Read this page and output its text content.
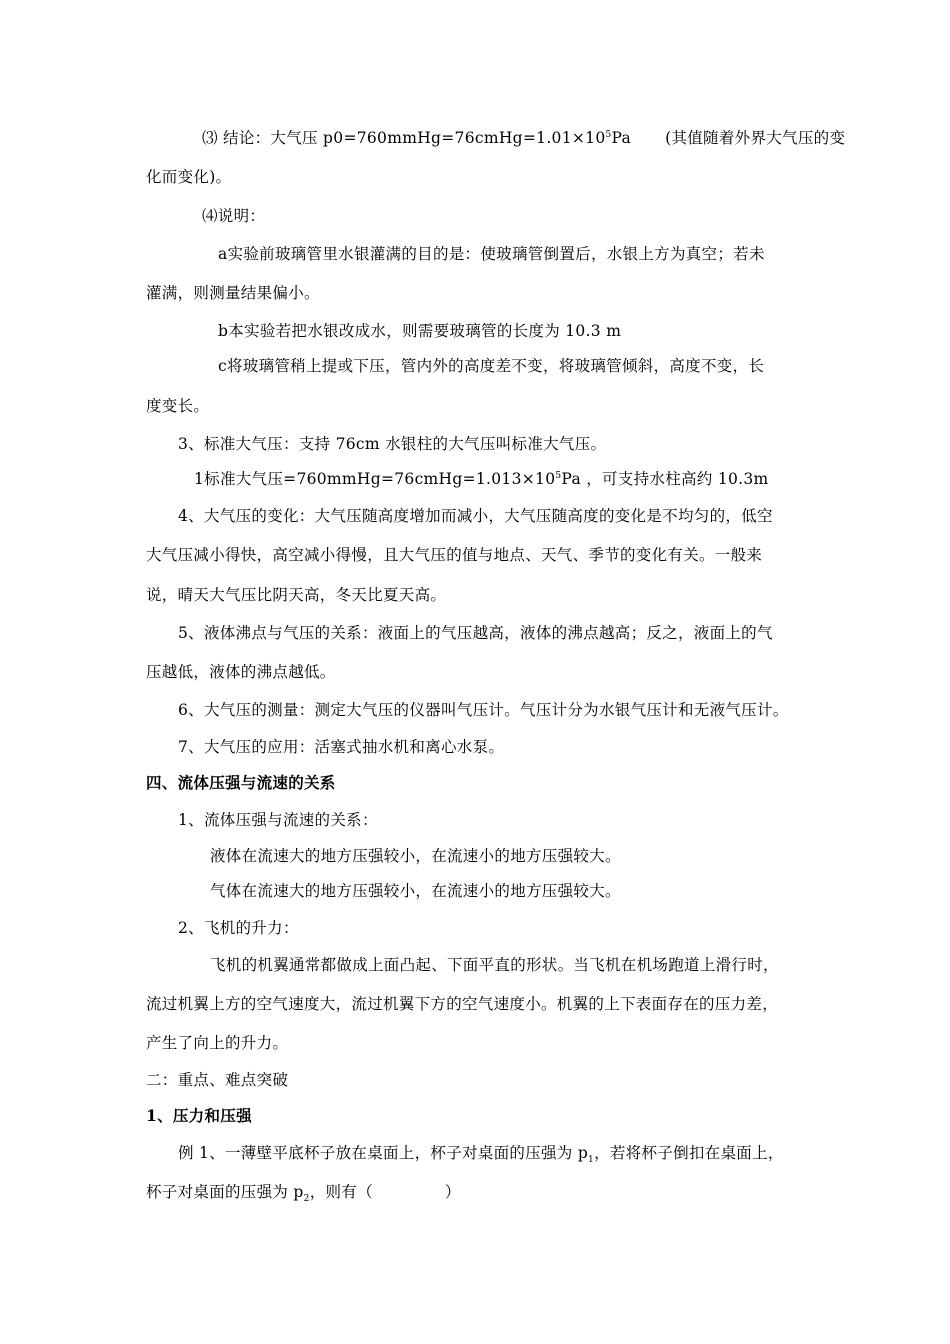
⑶ 结论：大气压 $p0=760mmHg=76cmHg=1.01\times 10^5Pa$ (其值随着外界大气压的变
化而变化)。
⑷说明：
a实验前玻璃管里水银灌满的目的是：使玻璃管倒置后，水银上方为真空；若未
灌满，则测量结果偏小。
b本实验若把水银改成水，则需要玻璃管的长度为 10.3 m
c将玻璃管稍上提或下压，管内外的高度差不变，将玻璃管倾斜，高度不变，长
度变长。
3、标准大气压：支持 76cm 水银柱的大气压叫标准大气压。
1标准大气压$=760mmHg=76cmHg=1.013\times 10^5Pa$ ，可支持水柱高约 10.3m
4、大气压的变化：大气压随高度增加而减小，大气压随高度的变化是不均匀的，低空
大气压减小得快，高空减小得慢，且大气压的值与地点、天气、季节的变化有关。一般来
说，晴天大气压比阴天高，冬天比夏天高。
5、液体沸点与气压的关系：液面上的气压越高，液体的沸点越高；反之，液面上的气
压越低，液体的沸点越低。
6、大气压的测量：测定大气压的仪器叫气压计。气压计分为水银气压计和无液气压计。
7、大气压的应用：活塞式抽水机和离心水泵。
四、流体压强与流速的关系
1、流体压强与流速的关系：
液体在流速大的地方压强较小，在流速小的地方压强较大。
气体在流速大的地方压强较小，在流速小的地方压强较大。
2、飞机的升力：
飞机的机翼通常都做成上面凸起、下面平直的形状。当飞机在机场跑道上滑行时，
流过机翼上方的空气速度大，流过机翼下方的空气速度小。机翼的上下表面存在的压力差，
产生了向上的升力。
二：重点、难点突破
1、压力和压强
例 1、一薄壁平底杯子放在桌面上，杯子对桌面的压强为 $p_1$，若将杯子倒扣在桌面上，
杯子对桌面的压强为 $p_2$，则有（	）
